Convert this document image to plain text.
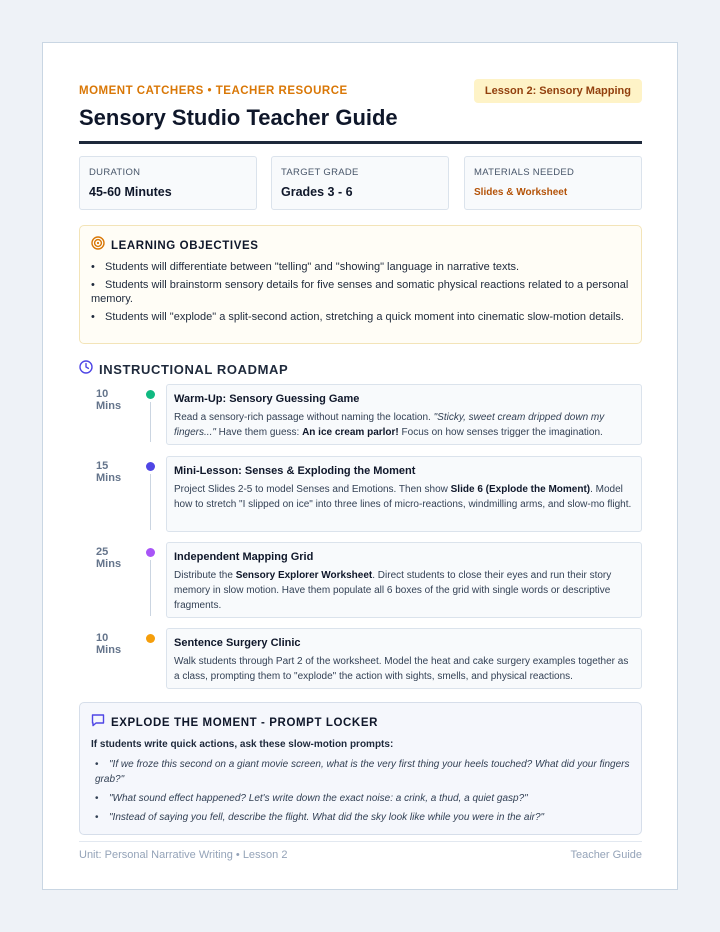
MOMENT CATCHERS • TEACHER RESOURCE	Lesson 2: Sensory Mapping
Sensory Studio Teacher Guide
DURATION
45-60 Minutes
TARGET GRADE
Grades 3 - 6
MATERIALS NEEDED
Slides & Worksheet
LEARNING OBJECTIVES
• Students will differentiate between "telling" and "showing" language in narrative texts.
• Students will brainstorm sensory details for five senses and somatic physical reactions related to a personal memory.
• Students will "explode" a split-second action, stretching a quick moment into cinematic slow-motion details.
INSTRUCTIONAL ROADMAP
10 Mins
Warm-Up: Sensory Guessing Game
Read a sensory-rich passage without naming the location. "Sticky, sweet cream dripped down my fingers..." Have them guess: An ice cream parlor! Focus on how senses trigger the imagination.
15 Mins
Mini-Lesson: Senses & Exploding the Moment
Project Slides 2-5 to model Senses and Emotions. Then show Slide 6 (Explode the Moment). Model how to stretch "I slipped on ice" into three lines of micro-reactions, windmilling arms, and slow-mo flight.
25 Mins
Independent Mapping Grid
Distribute the Sensory Explorer Worksheet. Direct students to close their eyes and run their story memory in slow motion. Have them populate all 6 boxes of the grid with single words or descriptive fragments.
10 Mins
Sentence Surgery Clinic
Walk students through Part 2 of the worksheet. Model the heat and cake surgery examples together as a class, prompting them to "explode" the action with sights, smells, and physical reactions.
EXPLODE THE MOMENT - PROMPT LOCKER
If students write quick actions, ask these slow-motion prompts:
• "If we froze this second on a giant movie screen, what is the very first thing your heels touched? What did your fingers grab?"
• "What sound effect happened? Let's write down the exact noise: a crink, a thud, a quiet gasp?"
• "Instead of saying you fell, describe the flight. What did the sky look like while you were in the air?"
Unit: Personal Narrative Writing • Lesson 2	Teacher Guide
